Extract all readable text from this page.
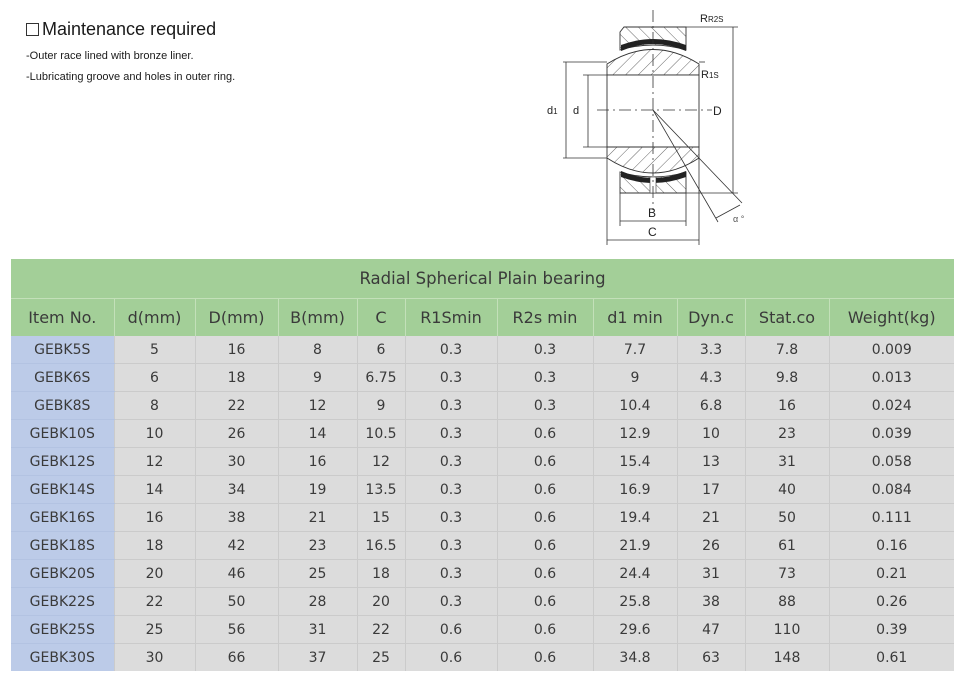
Maintenance required
-Outer race lined with bronze liner.
-Lubricating groove and holes in outer ring.
RR2S
R1S
d1 d	D
B
C
α °
Radial Spherical Plain bearing										
Item No.	d(mm)	D(mm)	B(mm)	C	R1Smin	R2s min	d1 min	Dyn.c	Stat.co	Weight(kg)
GEBK5S	5	16	8	6	0.3	0.3	7.7	3.3	7.8	0.009
GEBK6S	6	18	9	6.75	0.3	0.3	9	4.3	9.8	0.013
GEBK8S	8	22	12	9	0.3	0.3	10.4	6.8	16	0.024
GEBK10S	10	26	14	10.5	0.3	0.6	12.9	10	23	0.039
GEBK12S	12	30	16	12	0.3	0.6	15.4	13	31	0.058
GEBK14S	14	34	19	13.5	0.3	0.6	16.9	17	40	0.084
GEBK16S	16	38	21	15	0.3	0.6	19.4	21	50	0.111
GEBK18S	18	42	23	16.5	0.3	0.6	21.9	26	61	0.16
GEBK20S	20	46	25	18	0.3	0.6	24.4	31	73	0.21
GEBK22S	22	50	28	20	0.3	0.6	25.8	38	88	0.26
GEBK25S	25	56	31	22	0.6	0.6	29.6	47	110	0.39
GEBK30S	30	66	37	25	0.6	0.6	34.8	63	148	0.61
